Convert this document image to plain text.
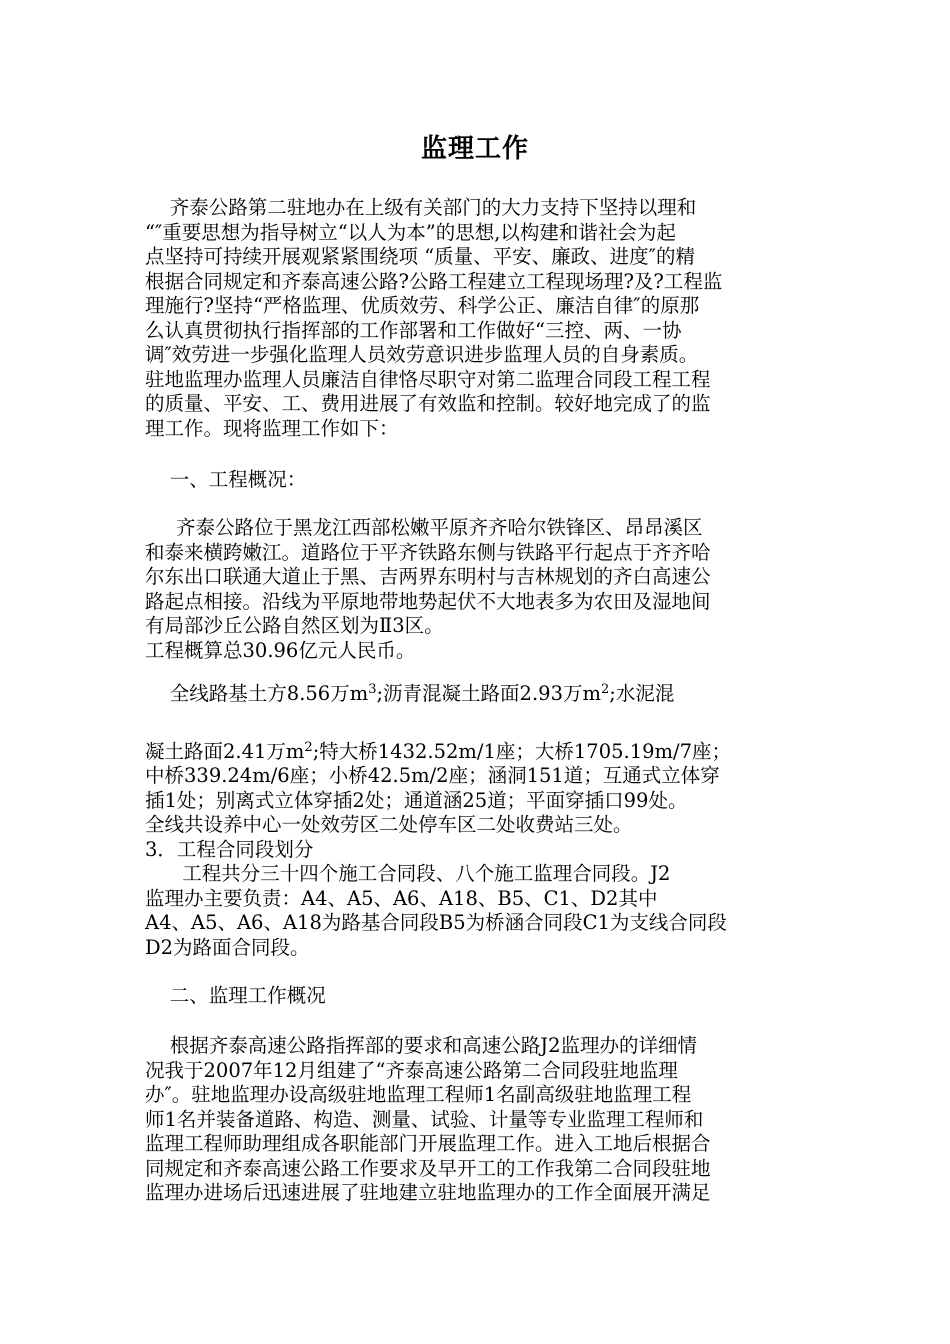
监理工作
齐泰公路第二驻地办在上级有关部门的大力支持下坚持以理和
“″重要思想为指导树立“以人为本”的思想,以构建和谐社会为起
点坚持可持续开展观紧紧围绕项 “质量、平安、廉政、进度″的精
根据合同规定和齐泰高速公路?公路工程建立工程现场理?及?工程监
理施行?坚持“严格监理、优质效劳、科学公正、廉洁自律″的原那
么认真贯彻执行指挥部的工作部署和工作做好“三控、两、一协
调″效劳进一步强化监理人员效劳意识进步监理人员的自身素质。
驻地监理办监理人员廉洁自律恪尽职守对第二监理合同段工程工程
的质量、平安、工、费用进展了有效监和控制。较好地完成了的监
理工作。现将监理工作如下：
一、工程概况：
齐泰公路位于黑龙江西部松嫩平原齐齐哈尔铁锋区、昂昂溪区
和泰来横跨嫩江。道路位于平齐铁路东侧与铁路平行起点于齐齐哈
尔东出口联通大道止于黑、吉两界东明村与吉林规划的齐白高速公
路起点相接。沿线为平原地带地势起伏不大地表多为农田及湿地间
有局部沙丘公路自然区划为Ⅱ3区。
工程概算总30.96亿元人民币。
全线路基土方8.56万$m^3$;沥青混凝土路面2.93万$m^2$;水泥混
凝土路面2.41万$m^2$;特大桥1432.52m/1座；大桥1705.19m/7座；
中桥339.24m/6座；小桥42.5m/2座；涵洞151道；互通式立体穿
插1处；别离式立体穿插2处；通道涵25道；平面穿插口99处。
全线共设养中心一处效劳区二处停车区二处收费站三处。
3．工程合同段划分
工程共分三十四个施工合同段、八个施工监理合同段。J2
监理办主要负责：A4、A5、A6、A18、B5、C1、D2其中
A4、A5、A6、A18为路基合同段B5为桥涵合同段C1为支线合同段
D2为路面合同段。
二、监理工作概况
根据齐泰高速公路指挥部的要求和高速公路J2监理办的详细情
况我于2007年12月组建了“齐泰高速公路第二合同段驻地监理
办″。驻地监理办设高级驻地监理工程师1名副高级驻地监理工程
师1名并装备道路、构造、测量、试验、计量等专业监理工程师和
监理工程师助理组成各职能部门开展监理工作。进入工地后根据合
同规定和齐泰高速公路工作要求及早开工的工作我第二合同段驻地
监理办进场后迅速进展了驻地建立驻地监理办的工作全面展开满足
